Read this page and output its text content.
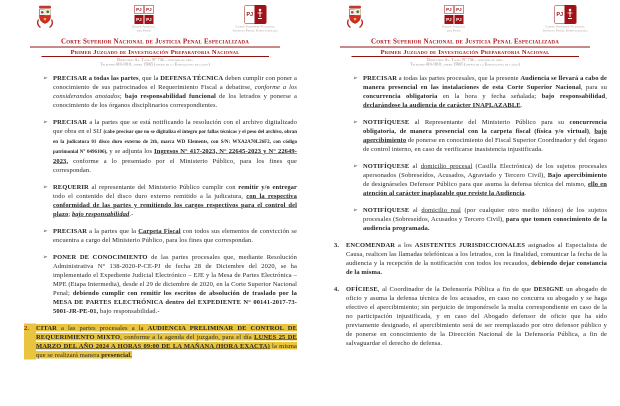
PJ PJ
PJ PJ
Poder Judicial
del Perú
PJ
Corte Superior Nacional
Justicia Penal Especializada
Corte Superior Nacional de Justicia Penal Especializada
Primer Juzgado de Investigación Preparatoria Nacional
Dirección: Av. Tacna N° 734 – cercado de lima
Teléfono 410-1010, anexo 15665 (anexo de la Especialista de causa)
➢ PRECISAR a todas las partes, que la DEFENSA TÉCNICA deben cumplir con poner a conocimiento de sus patrocinados el Requerimiento Fiscal a debatirse, conforme a los considerandos anotados; bajo responsabilidad funcional de los letrados y ponerse a conocimiento de los órganos disciplinarios correspondientes.
➢ PRECISAR a la partes que se está notificando la resolución con el archivo digitalizado que obra en el SIJ (cabe precisar que no se digitaliza el íntegro por fallas técnicas y el peso del archivo, obran en la judicatura 01 disco duro externo de 2tb, marca WD Elements, con S/N: WXA2A70L26F2, con código patrimonial N° 0496106), y se adjunta los Ingresos N° 417-2023, N° 22645-2023 y N° 22649-2023, conforme a lo presentado por el Ministerio Público, para los fines que correspondan.
➢ REQUERIR al representante del Ministerio Público cumplir con remitir y/o entregar todo el contenido del disco duro externo remitido a la judicatura, con la respectiva conformidad de las partes y remitiendo los cargos respectivos para el control del plazo; bajo responsabilidad.-
➢ PRECISAR a la partes que la Carpeta Fiscal con todos sus elementos de convicción se encuentra a cargo del Ministerio Público, para los fines que correspondan.
➢ PONER DE CONOCIMIENTO de las partes procesales que, mediante Resolución Administrativa N° 138-2020-P-CE-PJ de fecha 28 de Diciembre del 2020, se ha implementado el Expediente Judicial Electrónico – EJE y la Mesa de Partes Electrónica – MPE (Etapa Intermedia), desde el 29 de diciembre de 2020, en la Corte Superior Nacional Penal; debiendo cumplir con remitir los escritos de absolución de traslado por la MESA DE PARTES ELECTRÓNICA dentro del EXPEDIENTE N° 00141-2017-73-5001-JR-PE-01, bajo responsabilidad.-
2. CITAR a las partes procesales a la AUDIENCIA PRELIMINAR DE CONTROL DE REQUERIMIENTO MIXTO, conforme a la agenda del juzgado, para el día LUNES 25 DE MARZO DEL AÑO 2024 A HORAS 09:00 DE LA MAÑANA (HORA EXACTA) la misma que se realizará manera presencial.
PJ PJ
PJ PJ
Poder Judicial
del Perú
PJ
Corte Superior Nacional
Justicia Penal Especializada
Corte Superior Nacional de Justicia Penal Especializada
Primer Juzgado de Investigación Preparatoria Nacional
Dirección: Av. Tacna N° 734 – cercado de lima
Teléfono 410-1010, anexo 15665 (anexo de la Especialista de causa)
➢ PRECISAR a todas las partes procesales, que la presente Audiencia se llevará a cabo de manera presencial en las instalaciones de esta Corte Superior Nacional, para su concurrencia obligatoria en la hora y fecha señalada; bajo responsabilidad, declarándose la audiencia de carácter INAPLAZABLE.
➢ NOTIFÍQUESE al Representante del Ministerio Público para su concurrencia obligatoria, de manera presencial con la carpeta fiscal (física y/o virtual), bajo apercibimiento de ponerse en conocimiento del Fiscal Superior Coordinador y del órgano de control interno, en caso de verificarse inasistencia injustificada.
➢ NOTIFÍQUESE al domicilio procesal (Casilla Electrónica) de los sujetos procesales apersonados (Sobreseídos, Acusados, Agraviado y Tercero Civil), Bajo apercibimiento de designárseles Defensor Público para que asuma la defensa técnica del mismo, ello en atención al carácter inaplazable que reviste la Audiencia.
➢ NOTIFÍQUESE al domicilio real (por cualquier otro medio idóneo) de los sujetos procesales (Sobreseídos, Acusados y Tercero Civil), para que tomen conocimiento de la audiencia programada.
3. ENCOMENDAR a los ASISTENTES JURISDICCIONALES asignados al Especialista de Causa, realicen las llamadas telefónicas a los letrados, con la finalidad, comunicar la fecha de la audiencia y la recepción de la notificación con todos los recaudos, debiendo dejar constancia de la misma.
4. OFÍCIESE, al Coordinador de la Defensoría Pública a fin de que DESIGNE un abogado de oficio y asuma la defensa técnica de los acusados, en caso no concurra su abogado y se haga efectivo el apercibimiento; sin perjuicio de imponérsele la multa correspondiente en caso de la no participación injustificada, y en caso del Abogado defensor de oficio que ha sido previamente designado, el apercibimiento será de ser reemplazado por otro defensor público y de ponerse en conocimiento de la Dirección Nacional de la Defensoría Pública, a fin de salvaguardar el derecho de defensa.
